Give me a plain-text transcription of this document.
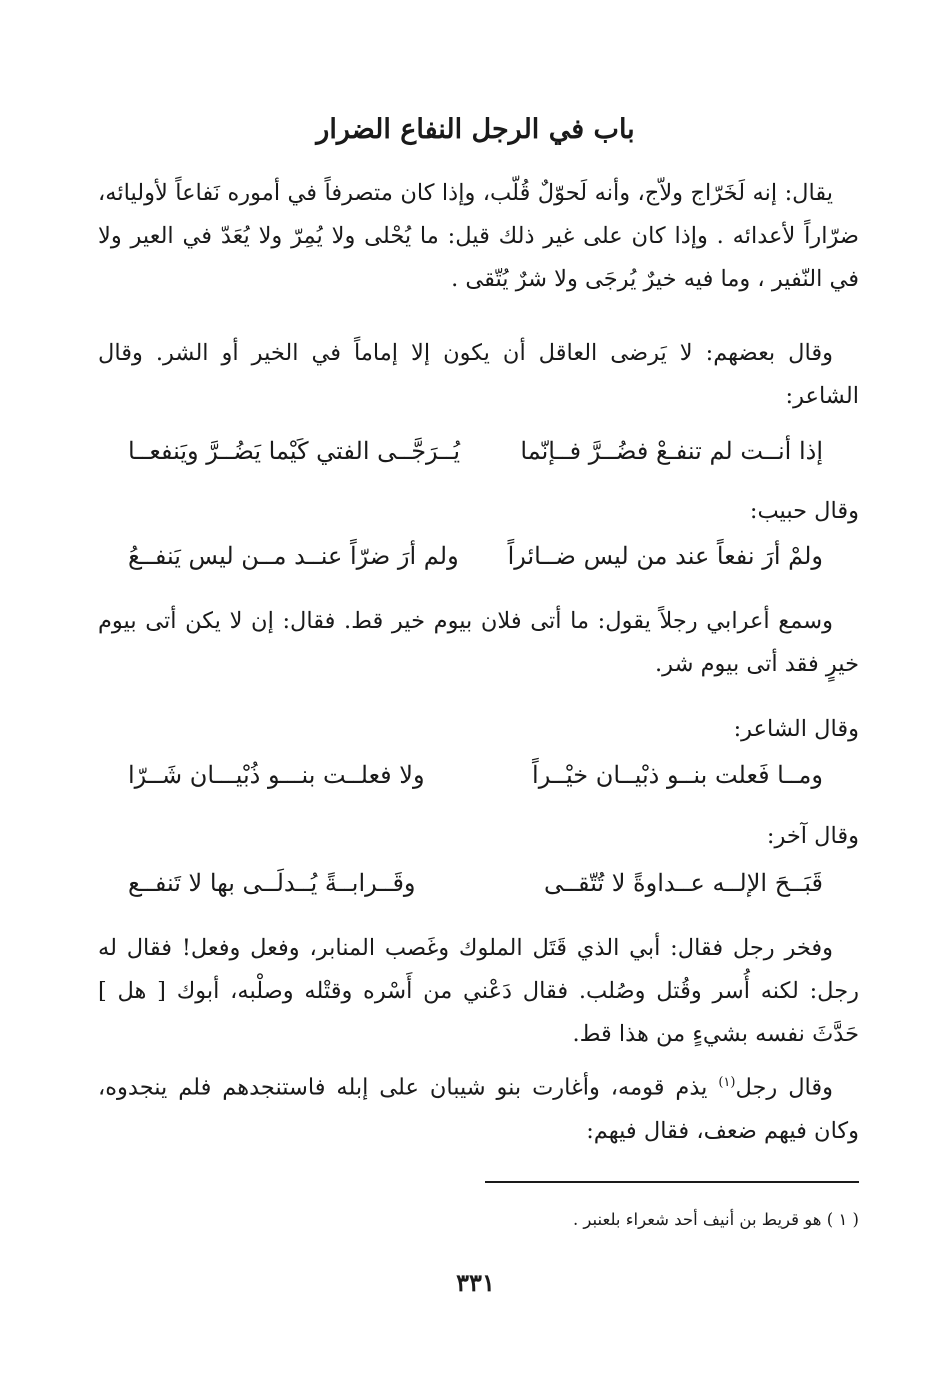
باب في الرجل النفاع الضرار
يقال: إنه لَخَرّاج ولاّج، وأنه لَحوّلٌ قُلّب، وإذا كان متصرفاً في أموره نَفاعاً لأوليائه، ضرّاراً لأعدائه . وإذا كان على غير ذلك قيل: ما يُحْلى ولا يُمِرّ ولا يُعَدّ في العير ولا في النّفير ، وما فيه خيرٌ يُرجَى ولا شرٌ يُتّقى .
وقال بعضهم: لا يَرضى العاقل أن يكون إلا إماماً في الخير أو الشر. وقال الشاعر:
إذا أنــت لم تنفـعْ فضُــرَّ فــإنّما
يُــرَجَّــى الفتي كَيْما يَضُــرَّ ويَنفعــا
وقال حبيب:
ولمْ أرَ نفعاً عند من ليس ضــائراً
ولم أرَ ضرّاً عنــد مــن ليس يَنفــعُ
وسمع أعرابي رجلاً يقول: ما أتى فلان بيوم خير قط. فقال: إن لا يكن أتى بيوم خيرٍ فقد أتى بيوم شر.
وقال الشاعر:
ومــا فَعلت بنــو ذبْيــان خيْــراً
ولا فعلــت بنـــو ذُبْيـــان شَــرّا
وقال آخر:
قَبَــحَ الإلــه عــداوةً لا تُتّقــى
وقَــرابــةً يُــدلَــى بها لا تَنفــع
وفخر رجل فقال: أبي الذي قَتَل الملوك وغَصب المنابر، وفعل وفعل! فقال له رجل: لكنه أُسر وقُتل وصُلب. فقال دَعْني من أَسْره وقتْله وصلْبه، أبوك [ هل ] حَدَّثَ نفسه بشيءٍ من هذا قط.
وقال رجل$^{(١)}$ يذم قومه، وأغارت بنو شيبان على إبله فاستنجدهم فلم ينجدوه، وكان فيهم ضعف، فقال فيهم:
( ١ ) هو قريط بن أنيف أحد شعراء بلعنبر .
٣٣١
